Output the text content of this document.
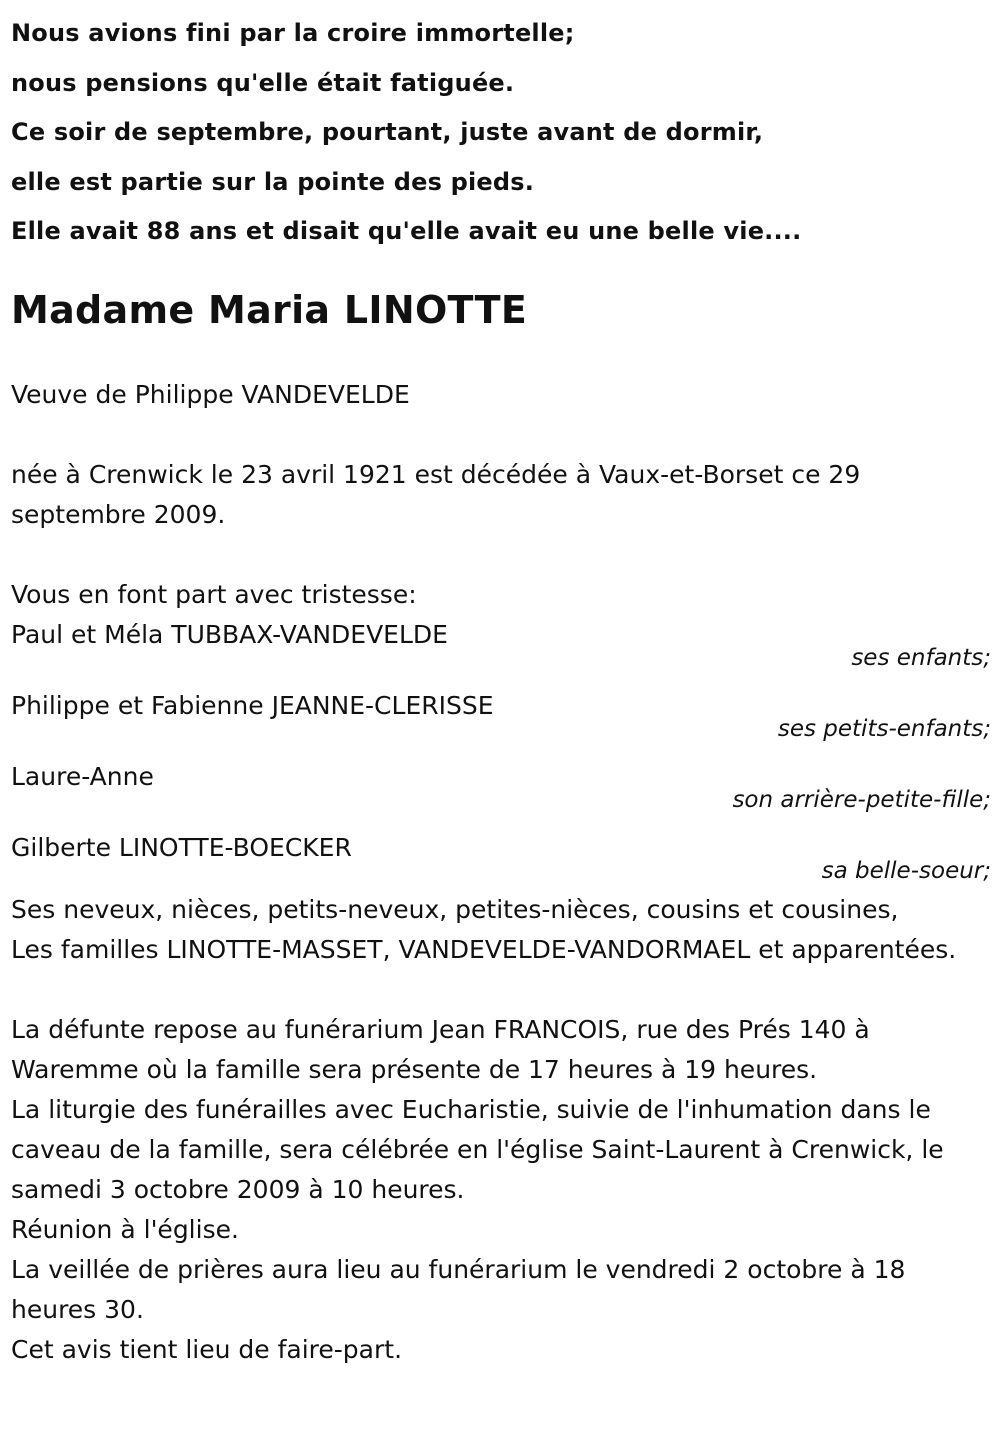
Nous avions fini par la croire immortelle;
nous pensions qu'elle était fatiguée.
Ce soir de septembre, pourtant, juste avant de dormir,
elle est partie sur la pointe des pieds.
Elle avait 88 ans et disait qu'elle avait eu une belle vie....
Madame Maria LINOTTE
Veuve de Philippe VANDEVELDE
née à Crenwick le 23 avril 1921 est décédée à Vaux-et-Borset ce 29 septembre 2009.
Vous en font part avec tristesse:
Paul et Méla TUBBAX-VANDEVELDE
ses enfants;
Philippe et Fabienne JEANNE-CLERISSE
ses petits-enfants;
Laure-Anne
son arrière-petite-fille;
Gilberte LINOTTE-BOECKER
sa belle-soeur;
Ses neveux, nièces, petits-neveux, petites-nièces, cousins et cousines,
Les familles LINOTTE-MASSET, VANDEVELDE-VANDORMAEL et apparentées.
La défunte repose au funérarium Jean FRANCOIS, rue des Prés 140 à Waremme où la famille sera présente de 17 heures à 19 heures.
La liturgie des funérailles avec Eucharistie, suivie de l'inhumation dans le caveau de la famille, sera célébrée en l'église Saint-Laurent à Crenwick, le samedi 3 octobre 2009 à 10 heures.
Réunion à l'église.
La veillée de prières aura lieu au funérarium le vendredi 2 octobre à 18 heures 30.
Cet avis tient lieu de faire-part.
